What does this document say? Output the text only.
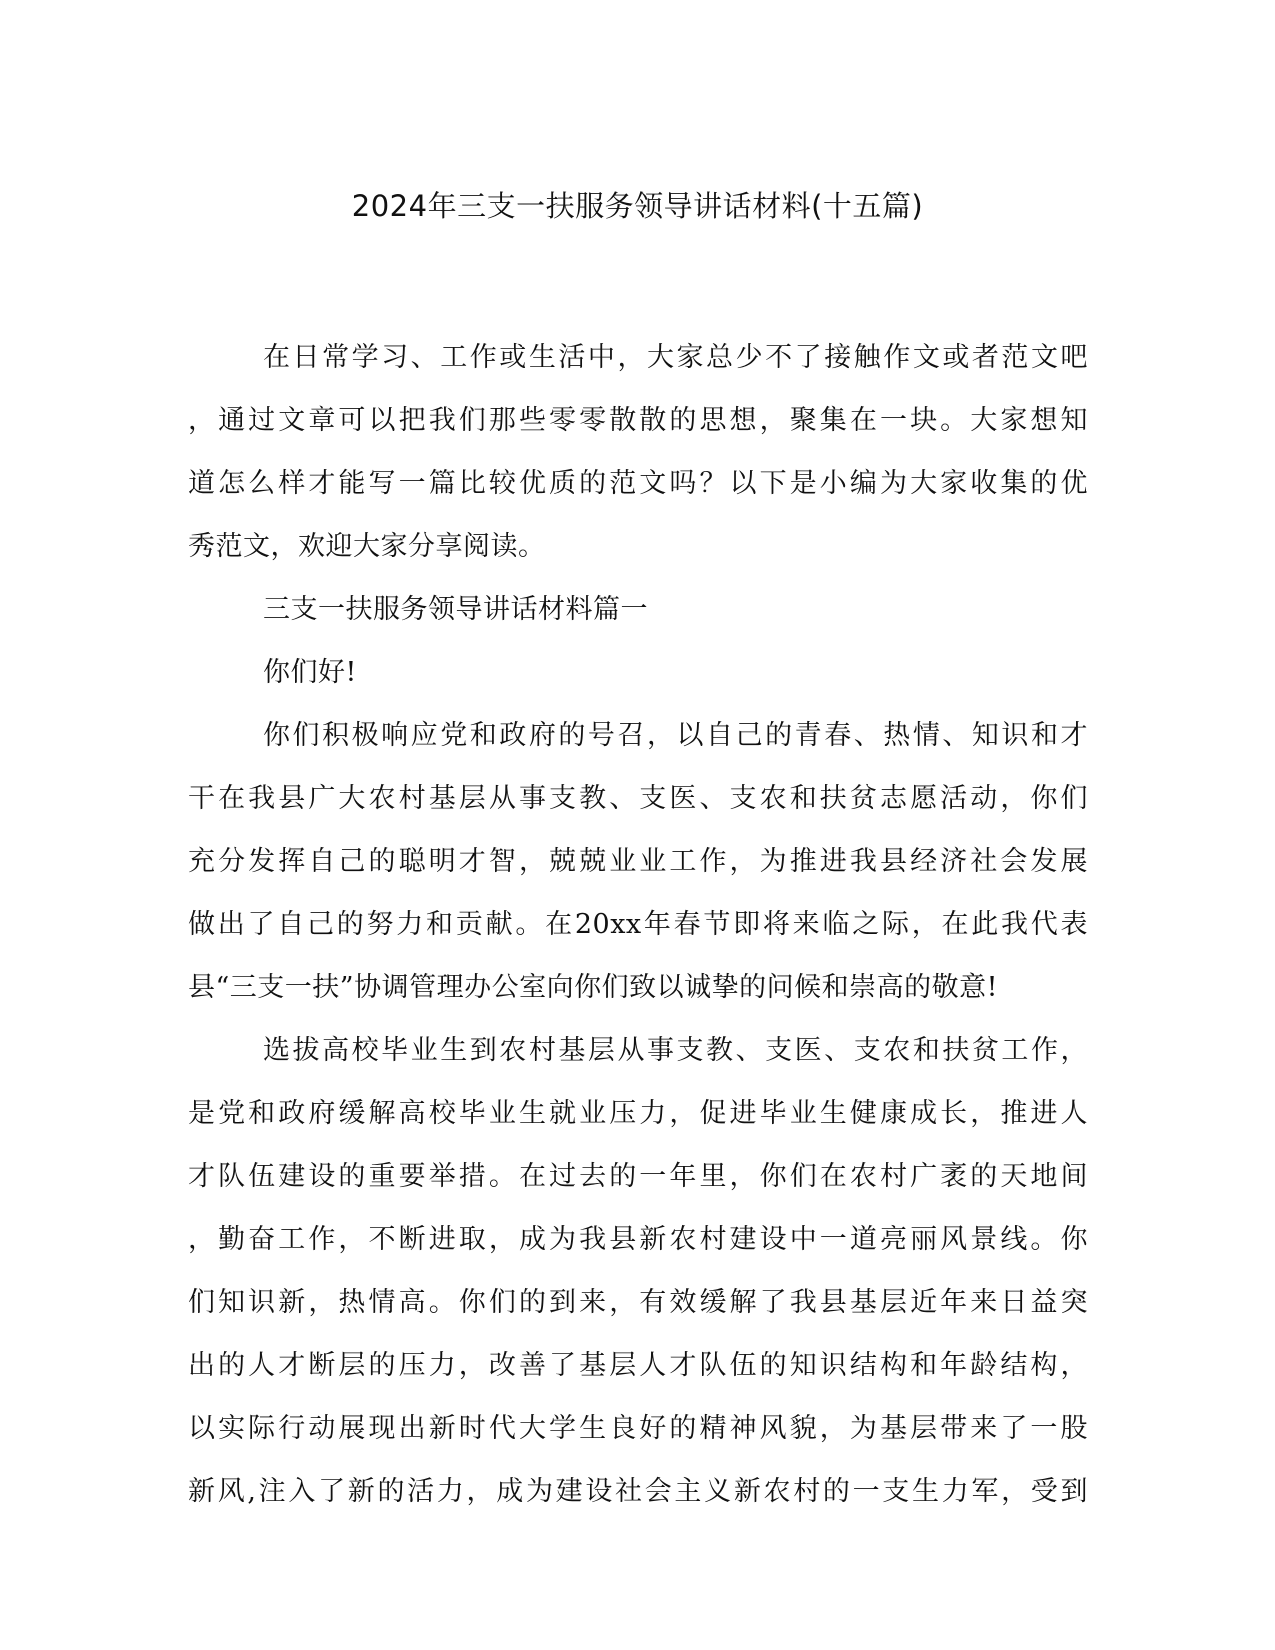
2024年三支一扶服务领导讲话材料(十五篇)
在日常学习、工作或生活中，大家总少不了接触作文或者范文吧
，通过文章可以把我们那些零零散散的思想，聚集在一块。大家想知
道怎么样才能写一篇比较优质的范文吗？以下是小编为大家收集的优
秀范文，欢迎大家分享阅读。
三支一扶服务领导讲话材料篇一
你们好!
你们积极响应党和政府的号召，以自己的青春、热情、知识和才
干在我县广大农村基层从事支教、支医、支农和扶贫志愿活动，你们
充分发挥自己的聪明才智，兢兢业业工作，为推进我县经济社会发展
做出了自己的努力和贡献。在20xx年春节即将来临之际，在此我代表
县“三支一扶”协调管理办公室向你们致以诚挚的问候和崇高的敬意!
选拔高校毕业生到农村基层从事支教、支医、支农和扶贫工作，
是党和政府缓解高校毕业生就业压力，促进毕业生健康成长，推进人
才队伍建设的重要举措。在过去的一年里，你们在农村广袤的天地间
，勤奋工作，不断进取，成为我县新农村建设中一道亮丽风景线。你
们知识新，热情高。你们的到来，有效缓解了我县基层近年来日益突
出的人才断层的压力，改善了基层人才队伍的知识结构和年龄结构，
以实际行动展现出新时代大学生良好的精神风貌，为基层带来了一股
新风,注入了新的活力，成为建设社会主义新农村的一支生力军，受到
